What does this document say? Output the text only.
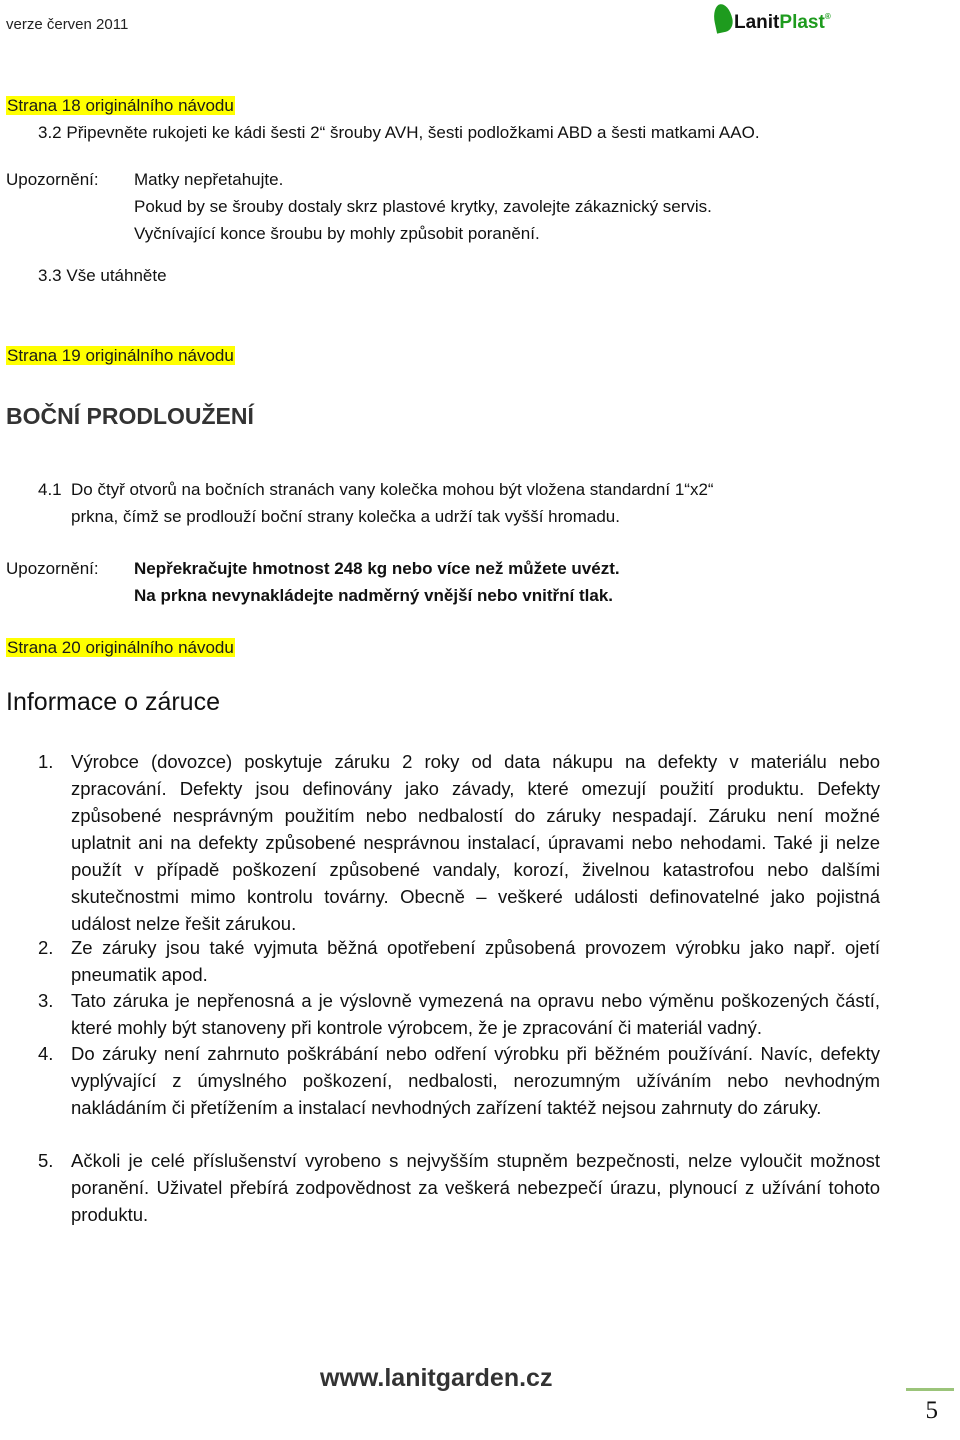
verze červen 2011	LanitPlast®
Strana 18 originálního návodu
3.2 Připevněte rukojeti ke kádi šesti 2“ šrouby AVH, šesti podložkami ABD a šesti matkami AAO.
Upozornění: Matky nepřetahujte.
Pokud by se šrouby dostaly skrz plastové krytky, zavolejte zákaznický servis.
Vyčnívající konce šroubu by mohly způsobit poranění.
3.3 Vše utáhněte
Strana 19 originálního návodu
BOČNÍ PRODLOUŽENÍ
4.1 Do čtyř otvorů na bočních stranách vany kolečka mohou být vložena standardní 1“x2“
prkna, čímž se prodlouží boční strany kolečka a udrží tak vyšší hromadu.
Upozornění: Nepřekračujte hmotnost 248 kg nebo více než můžete uvézt.
Na prkna nevynakládejte nadměrný vnější nebo vnitřní tlak.
Strana 20 originálního návodu
Informace o záruce
1. Výrobce (dovozce) poskytuje záruku 2 roky od data nákupu na defekty v materiálu nebo zpracování. Defekty jsou definovány jako závady, které omezují použití produktu. Defekty způsobené nesprávným použitím nebo nedbalostí do záruky nespadají. Záruku není možné uplatnit ani na defekty způsobené nesprávnou instalací, úpravami nebo nehodami. Také ji nelze použít v případě poškození způsobené vandaly, korozí, živelnou katastrofou nebo dalšími skutečnostmi mimo kontrolu továrny. Obecně – veškeré události definovatelné jako pojistná událost nelze řešit zárukou.
2. Ze záruky jsou také vyjmuta běžná opotřebení způsobená provozem výrobku jako např. ojetí pneumatik apod.
3. Tato záruka je nepřenosná a je výslovně vymezená na opravu nebo výměnu poškozených částí, které mohly být stanoveny při kontrole výrobcem, že je zpracování či materiál vadný.
4. Do záruky není zahrnuto poškrábání nebo odření výrobku při běžném používání. Navíc, defekty vyplývající z úmyslného poškození, nedbalosti, nerozumným užíváním nebo nevhodným nakládáním či přetížením a instalací nevhodných zařízení taktéž nejsou zahrnuty do záruky.
5. Ačkoli je celé příslušenství vyrobeno s nejvyšším stupněm bezpečnosti, nelze vyloučit možnost poranění. Uživatel přebírá zodpovědnost za veškerá nebezpečí úrazu, plynoucí z užívání tohoto produktu.
www.lanitgarden.cz
5
